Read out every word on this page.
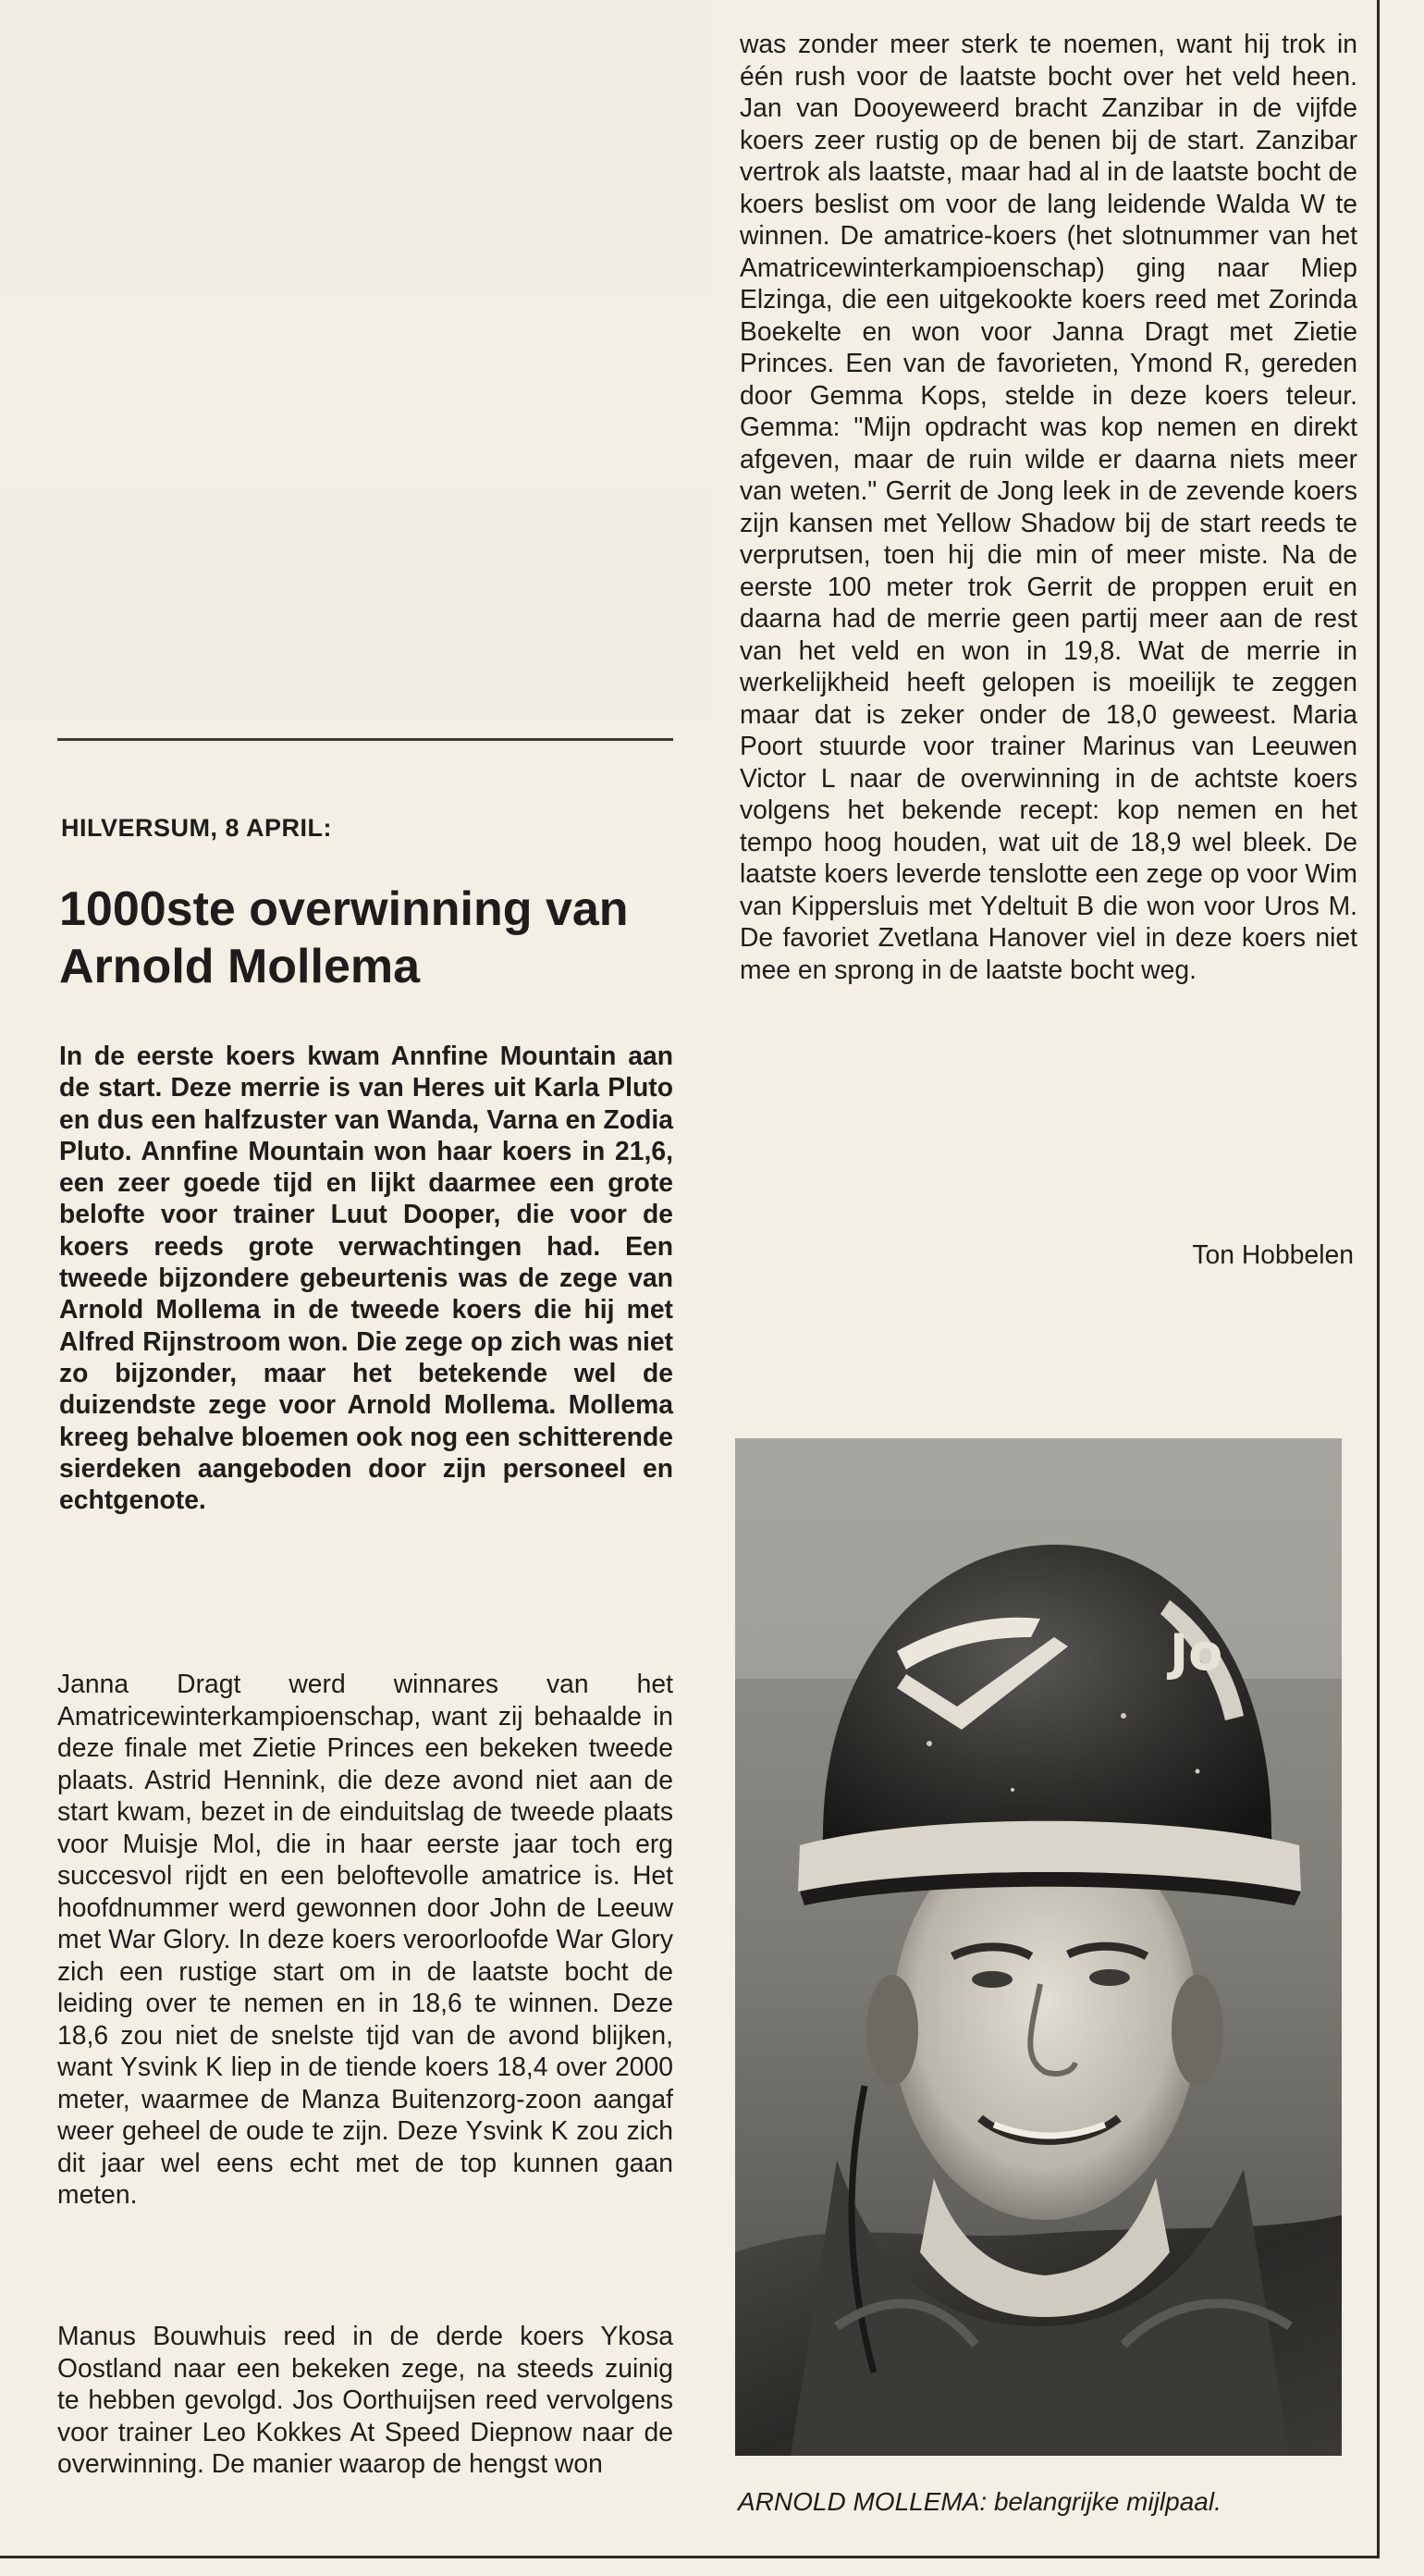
HILVERSUM, 8 APRIL:
1000ste overwinning van Arnold Mollema

In de eerste koers kwam Annfine Mountain aan de start. Deze merrie is van Heres uit Karla Pluto en dus een halfzuster van Wanda, Varna en Zodia Pluto. Annfine Mountain won haar koers in 21,6, een zeer goede tijd en lijkt daarmee een grote belofte voor trainer Luut Dooper, die voor de koers reeds grote verwachtingen had. Een tweede bijzondere gebeurtenis was de zege van Arnold Mollema in de tweede koers die hij met Alfred Rijnstroom won. Die zege op zich was niet zo bijzonder, maar het betekende wel de duizendste zege voor Arnold Mollema. Mollema kreeg behalve bloemen ook nog een schitterende sierdeken aangeboden door zijn personeel en echtgenote.

Janna Dragt werd winnares van het Amatricewinterkampioenschap, want zij behaalde in deze finale met Zietie Princes een bekeken tweede plaats. Astrid Hennink, die deze avond niet aan de start kwam, bezet in de einduitslag de tweede plaats voor Muisje Mol, die in haar eerste jaar toch erg succesvol rijdt en een beloftevolle amatrice is. Het hoofdnummer werd gewonnen door John de Leeuw met War Glory. In deze koers veroorloofde War Glory zich een rustige start om in de laatste bocht de leiding over te nemen en in 18,6 te winnen. Deze 18,6 zou niet de snelste tijd van de avond blijken, want Ysvink K liep in de tiende koers 18,4 over 2000 meter, waarmee de Manza Buitenzorg-zoon aangaf weer geheel de oude te zijn. Deze Ysvink K zou zich dit jaar wel eens echt met de top kunnen gaan meten.

Manus Bouwhuis reed in de derde koers Ykosa Oostland naar een bekeken zege, na steeds zuinig te hebben gevolgd. Jos Oorthuijsen reed vervolgens voor trainer Leo Kokkes At Speed Diepnow naar de overwinning. De manier waarop de hengst won

was zonder meer sterk te noemen, want hij trok in één rush voor de laatste bocht over het veld heen. Jan van Dooyeweerd bracht Zanzibar in de vijfde koers zeer rustig op de benen bij de start. Zanzibar vertrok als laatste, maar had al in de laatste bocht de koers beslist om voor de lang leidende Walda W te winnen. De amatrice-koers (het slotnummer van het Amatricewinterkampioenschap) ging naar Miep Elzinga, die een uitgekookte koers reed met Zorinda Boekelte en won voor Janna Dragt met Zietie Princes. Een van de favorieten, Ymond R, gereden door Gemma Kops, stelde in deze koers teleur. Gemma: "Mijn opdracht was kop nemen en direkt afgeven, maar de ruin wilde er daarna niets meer van weten." Gerrit de Jong leek in de zevende koers zijn kansen met Yellow Shadow bij de start reeds te verprutsen, toen hij die min of meer miste. Na de eerste 100 meter trok Gerrit de proppen eruit en daarna had de merrie geen partij meer aan de rest van het veld en won in 19,8. Wat de merrie in werkelijkheid heeft gelopen is moeilijk te zeggen maar dat is zeker onder de 18,0 geweest. Maria Poort stuurde voor trainer Marinus van Leeuwen Victor L naar de overwinning in de achtste koers volgens het bekende recept: kop nemen en het tempo hoog houden, wat uit de 18,9 wel bleek. De laatste koers leverde tenslotte een zege op voor Wim van Kippersluis met Ydeltuit B die won voor Uros M. De favoriet Zvetlana Hanover viel in deze koers niet mee en sprong in de laatste bocht weg.

Ton Hobbelen
Jo
ARNOLD MOLLEMA: belangrijke mijlpaal.
